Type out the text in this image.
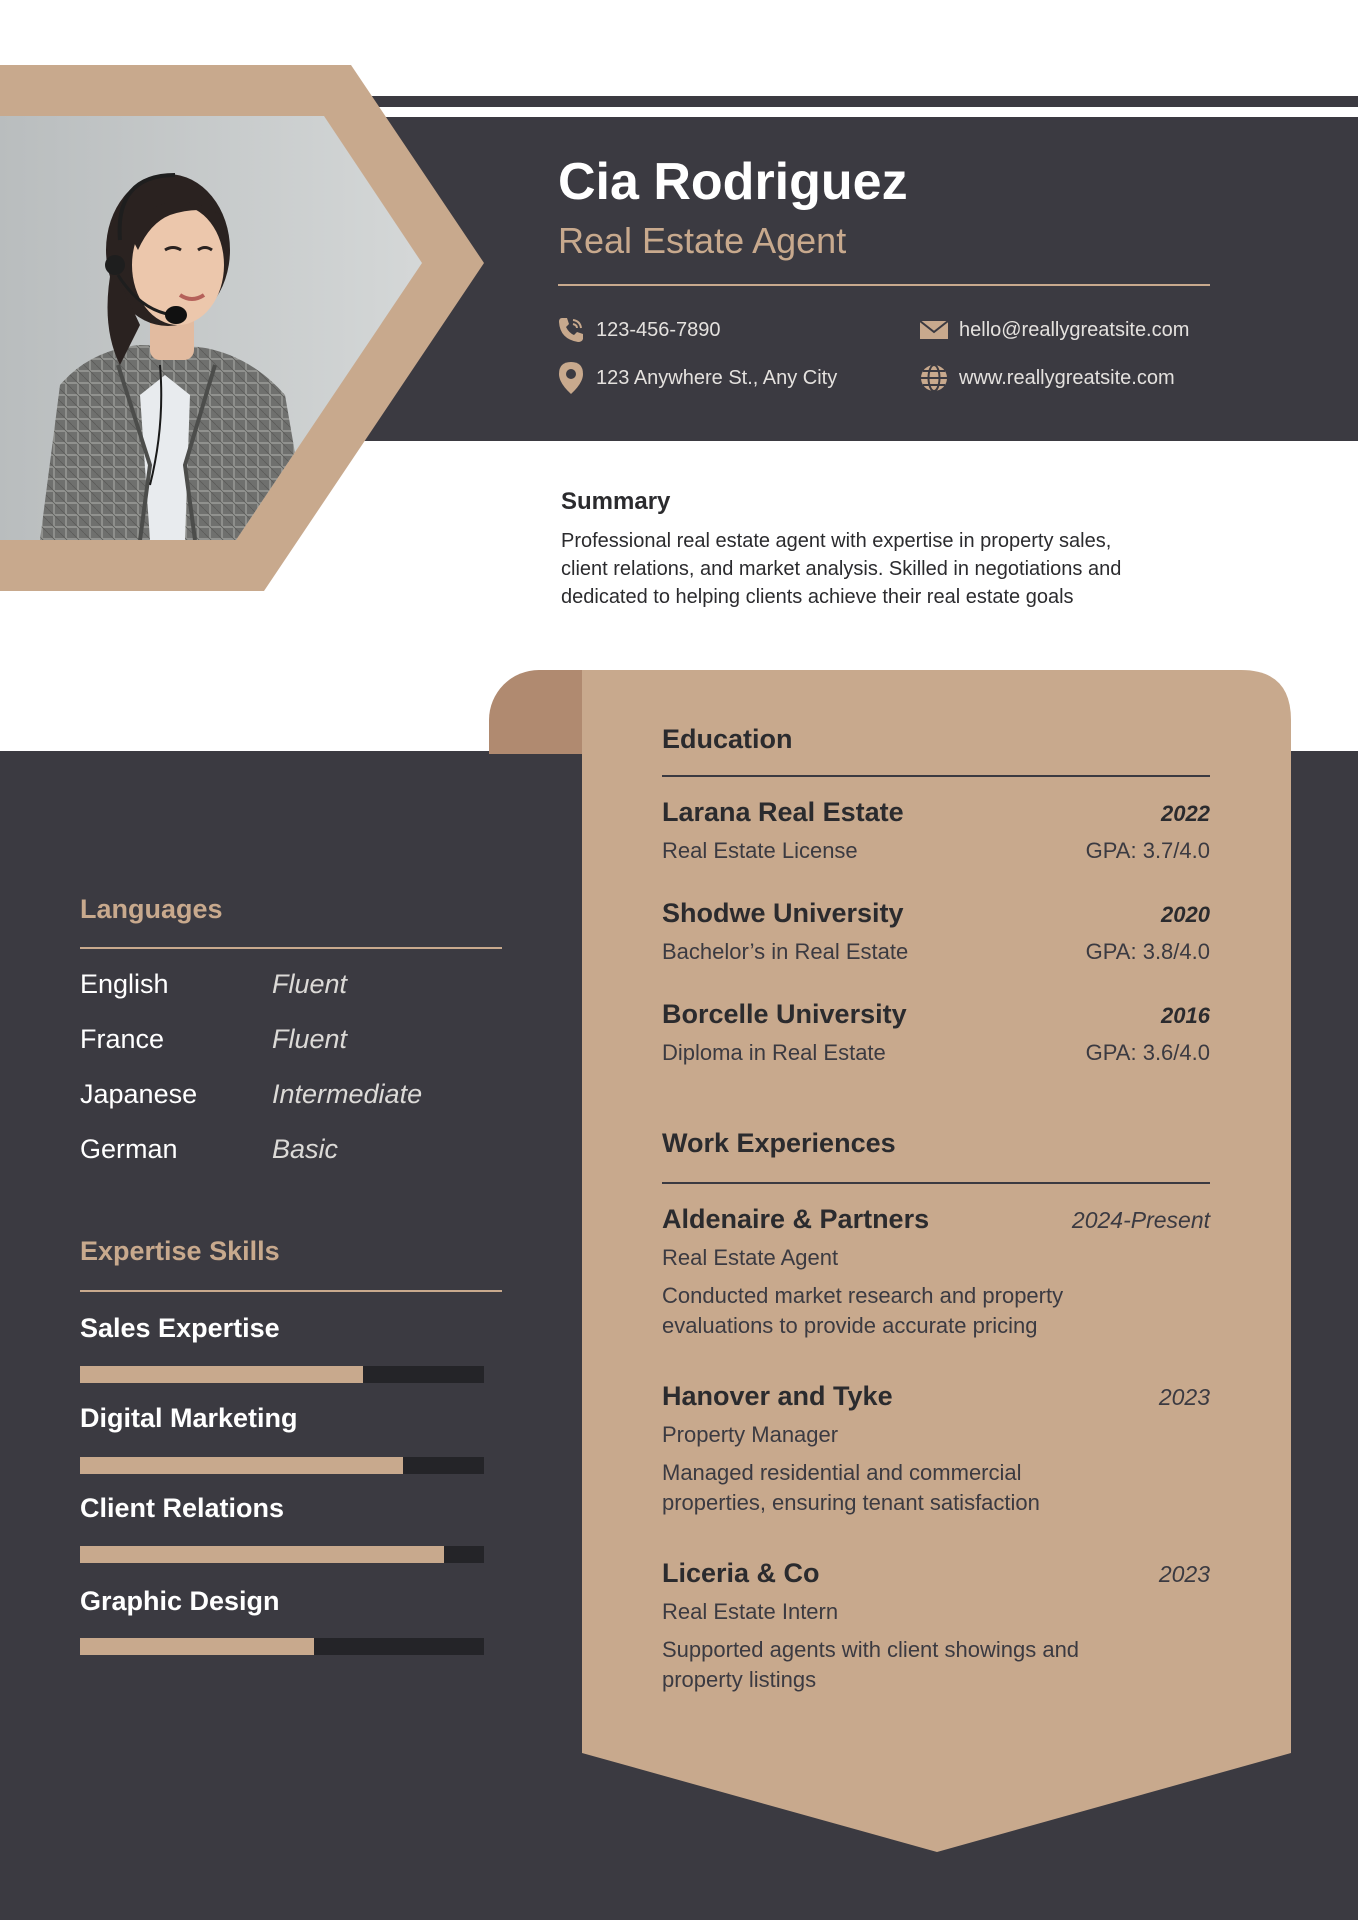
Cia Rodriguez
Real Estate Agent
123-456-7890	hello@reallygreatsite.com
123 Anywhere St., Any City	www.reallygreatsite.com
Summary
Professional real estate agent with expertise in property sales, client relations, and market analysis. Skilled in negotiations and dedicated to helping clients achieve their real estate goals
Education
Larana Real Estate	2022
Real Estate License	GPA: 3.7/4.0
Shodwe University	2020
Bachelor’s in Real Estate	GPA: 3.8/4.0
Borcelle University	2016
Diploma in Real Estate	GPA: 3.6/4.0
Work Experiences
Aldenaire & Partners	2024-Present
Real Estate Agent
Conducted market research and property evaluations to provide accurate pricing
Hanover and Tyke	2023
Property Manager
Managed residential and commercial properties, ensuring tenant satisfaction
Liceria & Co	2023
Real Estate Intern
Supported agents with client showings and property listings
Languages
English	Fluent
France	Fluent
Japanese	Intermediate
German	Basic
Expertise Skills
Sales Expertise
Digital Marketing
Client Relations
Graphic Design
